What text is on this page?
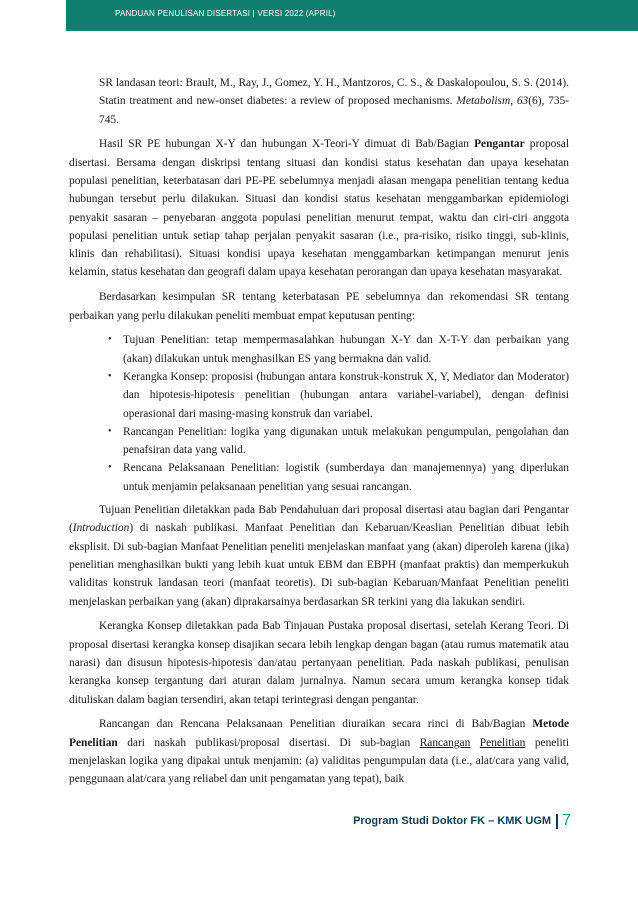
PANDUAN PENULISAN DISERTASI | VERSI 2022 (APRIL)

SR landasan teori: Brault, M., Ray, J., Gomez, Y. H., Mantzoros, C. S., & Daskalopoulou, S. S. (2014). Statin treatment and new-onset diabetes: a review of proposed mechanisms. Metabolism, 63(6), 735-745.

Hasil SR PE hubungan X-Y dan hubungan X-Teori-Y dimuat di Bab/Bagian Pengantar proposal disertasi. Bersama dengan diskripsi tentang situasi dan kondisi status kesehatan dan upaya kesehatan populasi penelitian, keterbatasan dari PE-PE sebelumnya menjadi alasan mengapa penelitian tentang kedua hubungan tersebut perlu dilakukan. Situasi dan kondisi status kesehatan menggambarkan epidemiologi penyakit sasaran – penyebaran anggota populasi penelitian menurut tempat, waktu dan ciri-ciri anggota populasi penelitian untuk setiap tahap perjalan penyakit sasaran (i.e., pra-risiko, risiko tinggi, sub-klinis, klinis dan rehabilitasi). Situasi kondisi upaya kesehatan menggambarkan ketimpangan menurut jenis kelamin, status kesehatan dan geografi dalam upaya kesehatan perorangan dan upaya kesehatan masyarakat.

Berdasarkan kesimpulan SR tentang keterbatasan PE sebelumnya dan rekomendasi SR tentang perbaikan yang perlu dilakukan peneliti membuat empat keputusan penting:

• Tujuan Penelitian: tetap mempermasalahkan hubungan X-Y dan X-T-Y dan perbaikan yang (akan) dilakukan untuk menghasilkan ES yang bermakna dan valid.
• Kerangka Konsep: proposisi (hubungan antara konstruk-konstruk X, Y, Mediator dan Moderator) dan hipotesis-hipotesis penelitian (hubungan antara variabel-variabel), dengan definisi operasional dari masing-masing konstruk dan variabel.
• Rancangan Penelitian: logika yang digunakan untuk melakukan pengumpulan, pengolahan dan penafsiran data yang valid.
• Rencana Pelaksanaan Penelitian: logistik (sumberdaya dan manajemennya) yang diperlukan untuk menjamin pelaksanaan penelitian yang sesuai rancangan.

Tujuan Penelitian diletakkan pada Bab Pendahuluan dari proposal disertasi atau bagian dari Pengantar (Introduction) di naskah publikasi. Manfaat Penelitian dan Kebaruan/Keaslian Penelitian dibuat lebih eksplisit. Di sub-bagian Manfaat Penelitian peneliti menjelaskan manfaat yang (akan) diperoleh karena (jika) penelitian menghasilkan bukti yang lebih kuat untuk EBM dan EBPH (manfaat praktis) dan memperkukuh validitas konstruk landasan teori (manfaat teoretis). Di sub-bagian Kebaruan/Manfaat Penelitian peneliti menjelaskan perbaikan yang (akan) diprakarsainya berdasarkan SR terkini yang dia lakukan sendiri.

Kerangka Konsep diletakkan pada Bab Tinjauan Pustaka proposal disertasi, setelah Kerang Teori. Di proposal disertasi kerangka konsep disajikan secara lebih lengkap dengan bagan (atau rumus matematik atau narasi) dan disusun hipotesis-hipotesis dan/atau pertanyaan penelitian. Pada naskah publikasi, penulisan kerangka konsep tergantung dari aturan dalam jurnalnya. Namun secara umum kerangka konsep tidak dituliskan dalam bagian tersendiri, akan tetapi terintegrasi dengan pengantar.

Rancangan dan Rencana Pelaksanaan Penelitian diuraikan secara rinci di Bab/Bagian Metode Penelitian dari naskah publikasi/proposal disertasi. Di sub-bagian Rancangan Penelitian peneliti menjelaskan logika yang dipakai untuk menjamin: (a) validitas pengumpulan data (i.e., alat/cara yang valid, penggunaan alat/cara yang reliabel dan unit pengamatan yang tepat), baik

Program Studi Doktor FK – KMK UGM 7
